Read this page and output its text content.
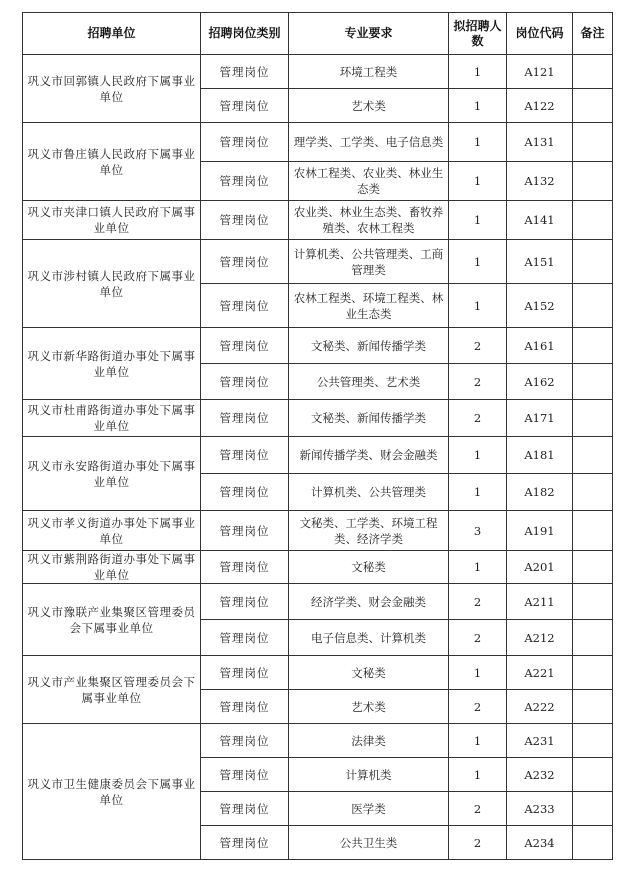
招聘单位	招聘岗位类别	专业要求	拟招聘人数	岗位代码	备注
巩义市回郭镇人民政府下属事业单位	管理岗位	环境工程类	1	A121	
	管理岗位	艺术类	1	A122	
巩义市鲁庄镇人民政府下属事业单位	管理岗位	理学类、工学类、电子信息类	1	A131	
	管理岗位	农林工程类、农业类、林业生态类	1	A132	
巩义市夹津口镇人民政府下属事业单位	管理岗位	农业类、林业生态类、畜牧养殖类、农林工程类	1	A141	
巩义市涉村镇人民政府下属事业单位	管理岗位	计算机类、公共管理类、工商管理类	1	A151	
	管理岗位	农林工程类、环境工程类、林业生态类	1	A152	
巩义市新华路街道办事处下属事业单位	管理岗位	文秘类、新闻传播学类	2	A161	
	管理岗位	公共管理类、艺术类	2	A162	
巩义市杜甫路街道办事处下属事业单位	管理岗位	文秘类、新闻传播学类	2	A171	
巩义市永安路街道办事处下属事业单位	管理岗位	新闻传播学类、财会金融类	1	A181	
	管理岗位	计算机类、公共管理类	1	A182	
巩义市孝义街道办事处下属事业单位	管理岗位	文秘类、工学类、环境工程类、经济学类	3	A191	
巩义市紫荆路街道办事处下属事业单位	管理岗位	文秘类	1	A201	
巩义市豫联产业集聚区管理委员会下属事业单位	管理岗位	经济学类、财会金融类	2	A211	
	管理岗位	电子信息类、计算机类	2	A212	
巩义市产业集聚区管理委员会下属事业单位	管理岗位	文秘类	1	A221	
	管理岗位	艺术类	2	A222	
巩义市卫生健康委员会下属事业单位	管理岗位	法律类	1	A231	
	管理岗位	计算机类	1	A232	
	管理岗位	医学类	2	A233	
	管理岗位	公共卫生类	2	A234	
